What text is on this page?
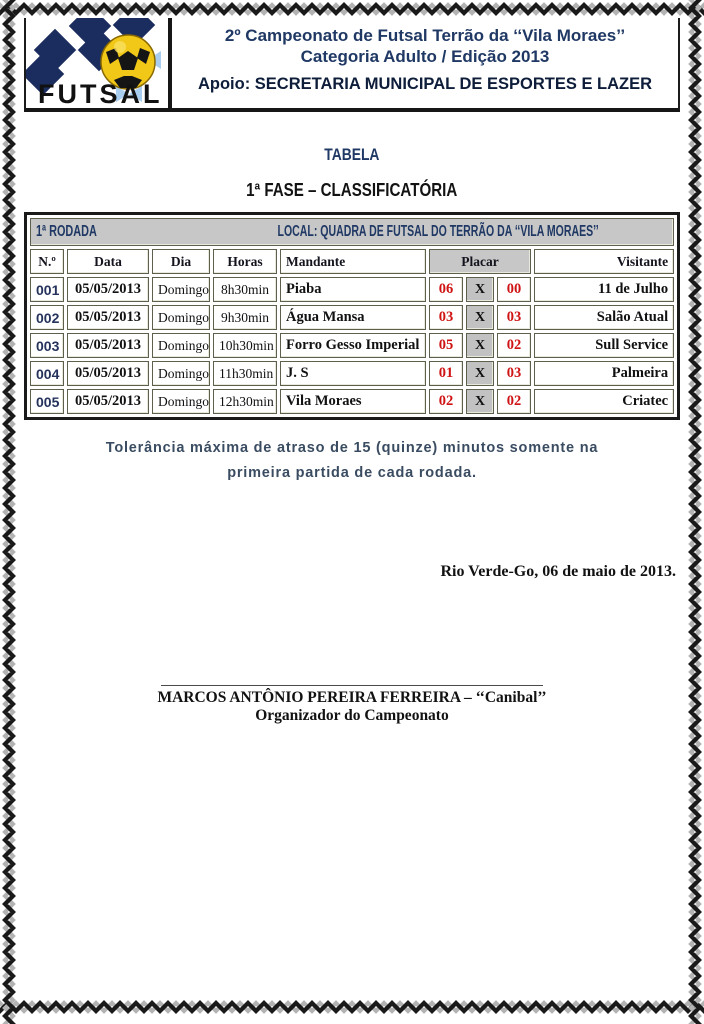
FUTSAL
2º Campeonato de Futsal Terrão da ‘‘Vila Moraes’’
Categoria Adulto / Edição 2013
Apoio: SECRETARIA MUNICIPAL DE ESPORTES E LAZER
TABELA
1ª FASE – CLASSIFICATÓRIA
1ª RODADA LOCAL: QUADRA DE FUTSAL DO TERRÃO DA ‘‘VILA MORAES’’								

N.º	Data	Dia	Horas	Mandante	Placar			Visitante
001	05/05/2013	Domingo	8h30min	Piaba	06	X	00	11 de Julho
002	05/05/2013	Domingo	9h30min	Água Mansa	03	X	03	Salão Atual
003	05/05/2013	Domingo	10h30min	Forro Gesso Imperial	05	X	02	Sull Service
004	05/05/2013	Domingo	11h30min	J. S	01	X	03	Palmeira
005	05/05/2013	Domingo	12h30min	Vila Moraes	02	X	02	Criatec
Tolerância máxima de atraso de 15 (quinze) minutos somente na
primeira partida de cada rodada.
Rio Verde-Go, 06 de maio de 2013.
MARCOS ANTÔNIO PEREIRA FERREIRA – ‘‘Canibal’’
Organizador do Campeonato
